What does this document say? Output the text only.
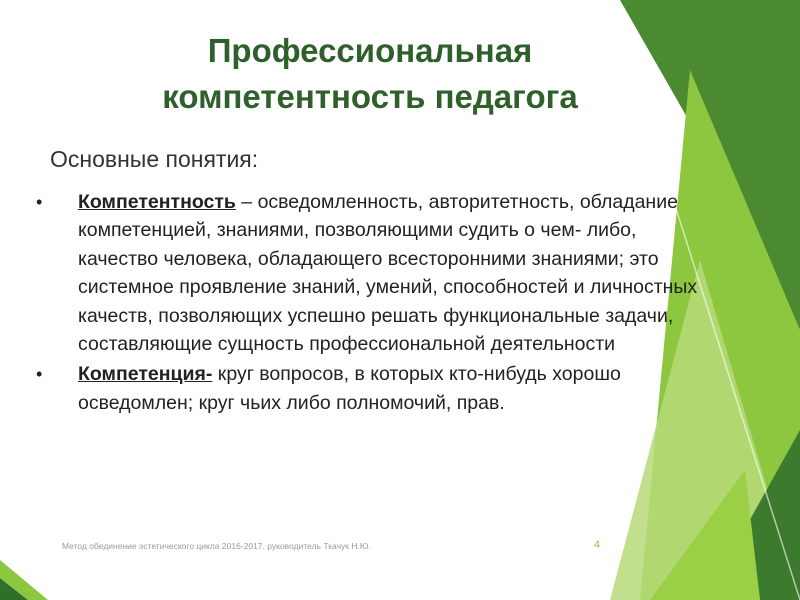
Профессиональная
компетентность педагога
Основные понятия:
• Компетентность – осведомленность, авторитетность, обладание компетенцией, знаниями, позволяющими судить о чем- либо, качество человека, обладающего всесторонними знаниями; это системное проявление знаний, умений, способностей и личностных качеств, позволяющих успешно решать функциональные задачи, составляющие сущность профессиональной деятельности
• Компетенция- круг вопросов, в которых кто-нибудь хорошо осведомлен; круг чьих либо полномочий, прав.
Метод обединение эстетического цикла 2016-2017. руководитель Ткачук Н.Ю.	4
